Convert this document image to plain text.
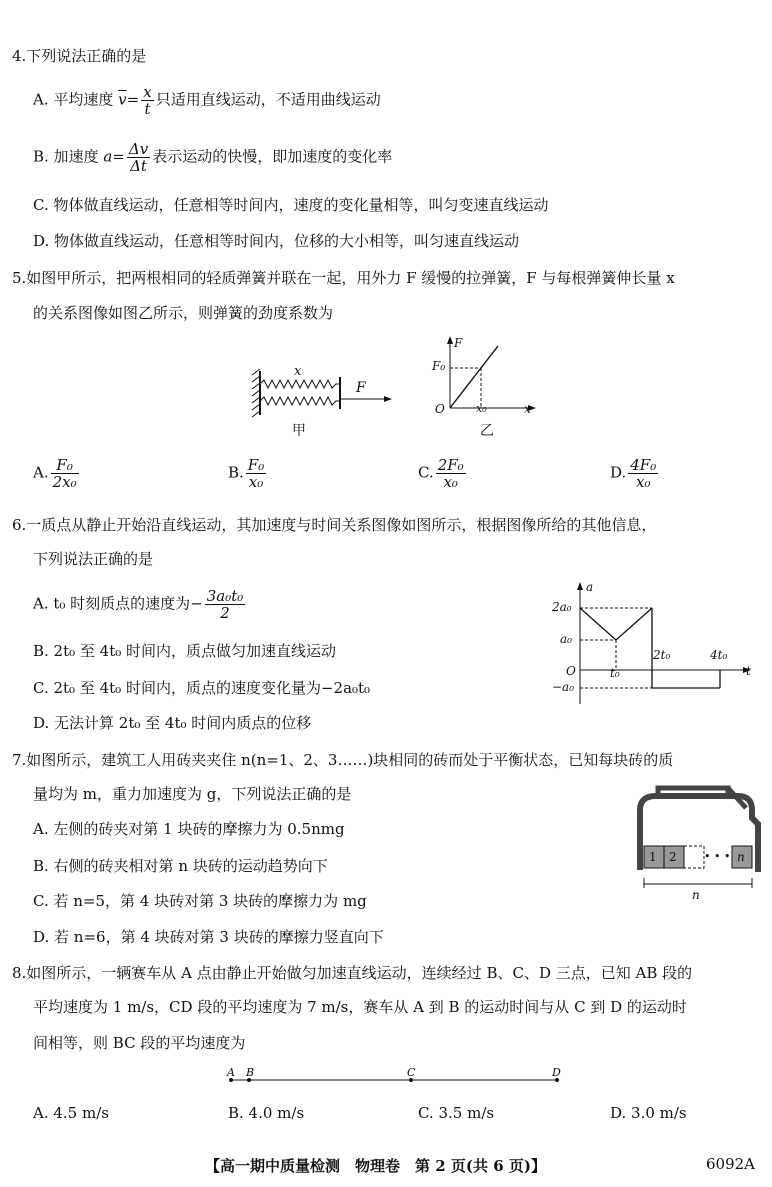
4.下列说法正确的是
A. 平均速度 $\overline{v}= \frac{x}{t}$ 只适用直线运动，不适用曲线运动
B. 加速度 $a= \frac{\Delta v}{\Delta t}$ 表示运动的快慢，即加速度的变化率
C. 物体做直线运动，任意相等时间内，速度的变化量相等，叫匀变速直线运动
D. 物体做直线运动，任意相等时间内，位移的大小相等，叫匀速直线运动
5.如图甲所示，把两根相同的轻质弹簧并联在一起，用外力 F 缓慢的拉弹簧，F 与每根弹簧伸长量 x
的关系图像如图乙所示，则弹簧的劲度系数为
x
F
甲
F
F₀
O	x₀	x
乙
A. $\frac{\text{F₀}}{\text{2x₀}}$	B. $\frac{\text{F₀}}{\text{x₀}}$	C. $\frac{\text{2F₀}}{\text{x₀}}$	D. $\frac{\text{4F₀}}{\text{x₀}}$
6.一质点从静止开始沿直线运动，其加速度与时间关系图像如图所示，根据图像所给的其他信息，
下列说法正确的是
A. t₀ 时刻质点的速度为− $\frac{\text{3a₀t₀}}{2}$
B. 2t₀ 至 4t₀ 时间内，质点做匀加速直线运动
C. 2t₀ 至 4t₀ 时间内，质点的速度变化量为−2a₀t₀
D. 无法计算 2t₀ 至 4t₀ 时间内质点的位移
a
2a₀
a₀
O	t₀
2t₀	4t₀
t
−a₀
7.如图所示，建筑工人用砖夹夹住 n(n=1、2、3……)块相同的砖而处于平衡状态，已知每块砖的质
量均为 m，重力加速度为 g，下列说法正确的是
A. 左侧的砖夹对第 1 块砖的摩擦力为 0.5nmg
B. 右侧的砖夹相对第 n 块砖的运动趋势向下
C. 若 n=5，第 4 块砖对第 3 块砖的摩擦力为 mg
D. 若 n=6，第 4 块砖对第 3 块砖的摩擦力竖直向下
1 2 • • • n
n
8.如图所示，一辆赛车从 A 点由静止开始做匀加速直线运动，连续经过 B、C、D 三点，已知 AB 段的
平均速度为 1 m/s，CD 段的平均速度为 7 m/s，赛车从 A 到 B 的运动时间与从 C 到 D 的运动时
间相等，则 BC 段的平均速度为
A B	C	D
A. 4.5 m/s	B. 4.0 m/s	C. 3.5 m/s	D. 3.0 m/s
【高一期中质量检测　物理卷　第 2 页(共 6 页)】	6092A
